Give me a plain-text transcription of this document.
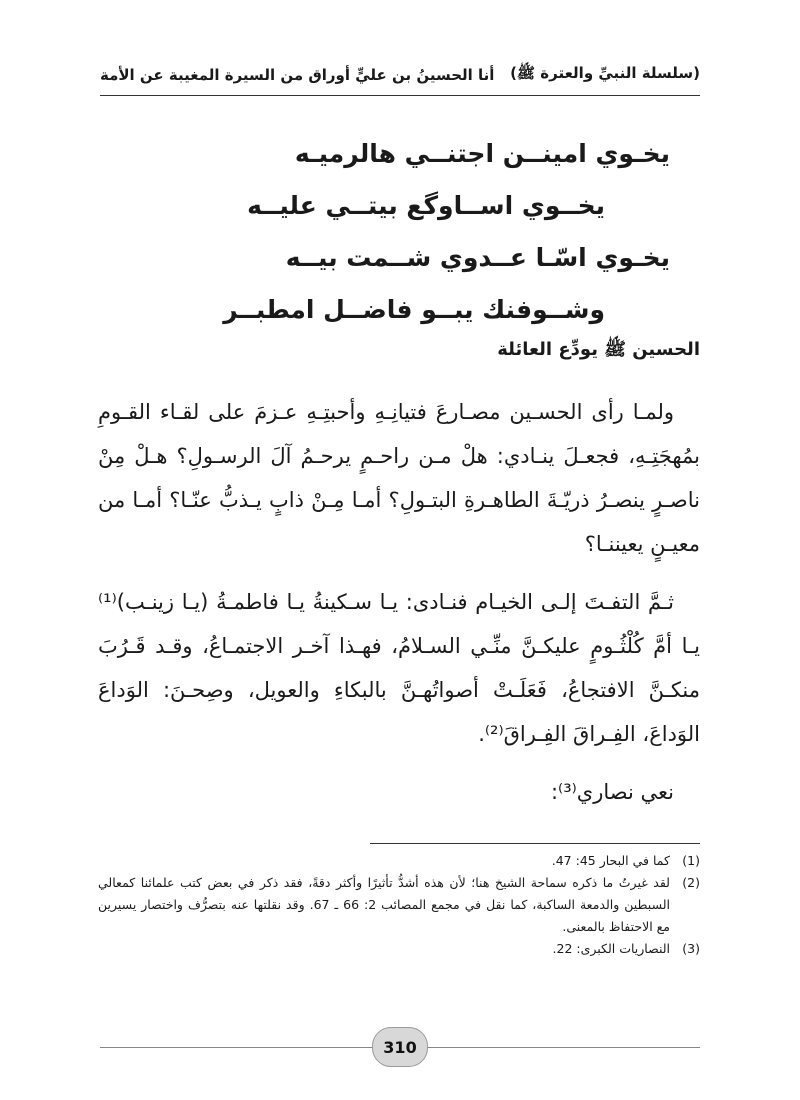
أنا الحسينُ بن عليٍّ أوراق من السيرة المغيبة عن الأمة (سلسلة النبيِّ والعترة ﷺ)
يخـوي امينــن اجتنــي هالرميـه
يخــوي اســاوگع بيتــي عليــه
يخـوي اسّـا عــدوي شــمت بيــه
وشــوفنك يبــو فاضــل امطبــر
الحسين ﷺ يودِّع العائلة

ولمـا رأى الحسـين مصـارعَ فتيانِـهِ وأحبتِـهِ عـزمَ على لقـاء القـومِ بمُهجَتِـهِ، فجعـلَ ينـادي: هلْ مـن راحـمٍ يرحـمُ آلَ الرسـولِ؟ هـلْ مِنْ ناصـرٍ ينصـرُ ذريّـةَ الطاهـرةِ البتـولِ؟ أمـا مِـنْ ذابٍ يـذبُّ عنّـا؟ أمـا من معيـنٍ يعيننـا؟

ثـمَّ التفـتَ إلـى الخيـام فنـادى: يـا سـكينةُ يـا فاطمـةُ (يـا زينـب)⁽¹⁾ يـا أمَّ كُلْثُـومٍ عليكـنَّ منِّـي السـلامُ، فهـذا آخـر الاجتمـاعُ، وقـد قَـرُبَ منكـنَّ الافتجاعُ، فَعَلَـتْ أصواتُهـنَّ بالبكاءِ والعويل، وصِحـنَ: الوَداعَ الوَداعَ، الفِـراقَ الفِـراقَ⁽²⁾.

نعي نصاري⁽³⁾:

(1)
كما في البحار 45: 47.
(2)
لقد غيرتُ ما ذكره سماحة الشيخ هنا؛ لأن هذه أشدُّ تأثيرًا وأكثر دقةً، فقد ذكر في بعض كتب علمائنا كمعالي السبطين والدمعة الساكبة، كما نقل في مجمع المصائب 2: 66 ـ 67. وقد نقلتها عنه بتصرُّف واختصار يسيرين مع الاحتفاظ بالمعنى.
(3)
النصاريات الكبرى: 22.
310
